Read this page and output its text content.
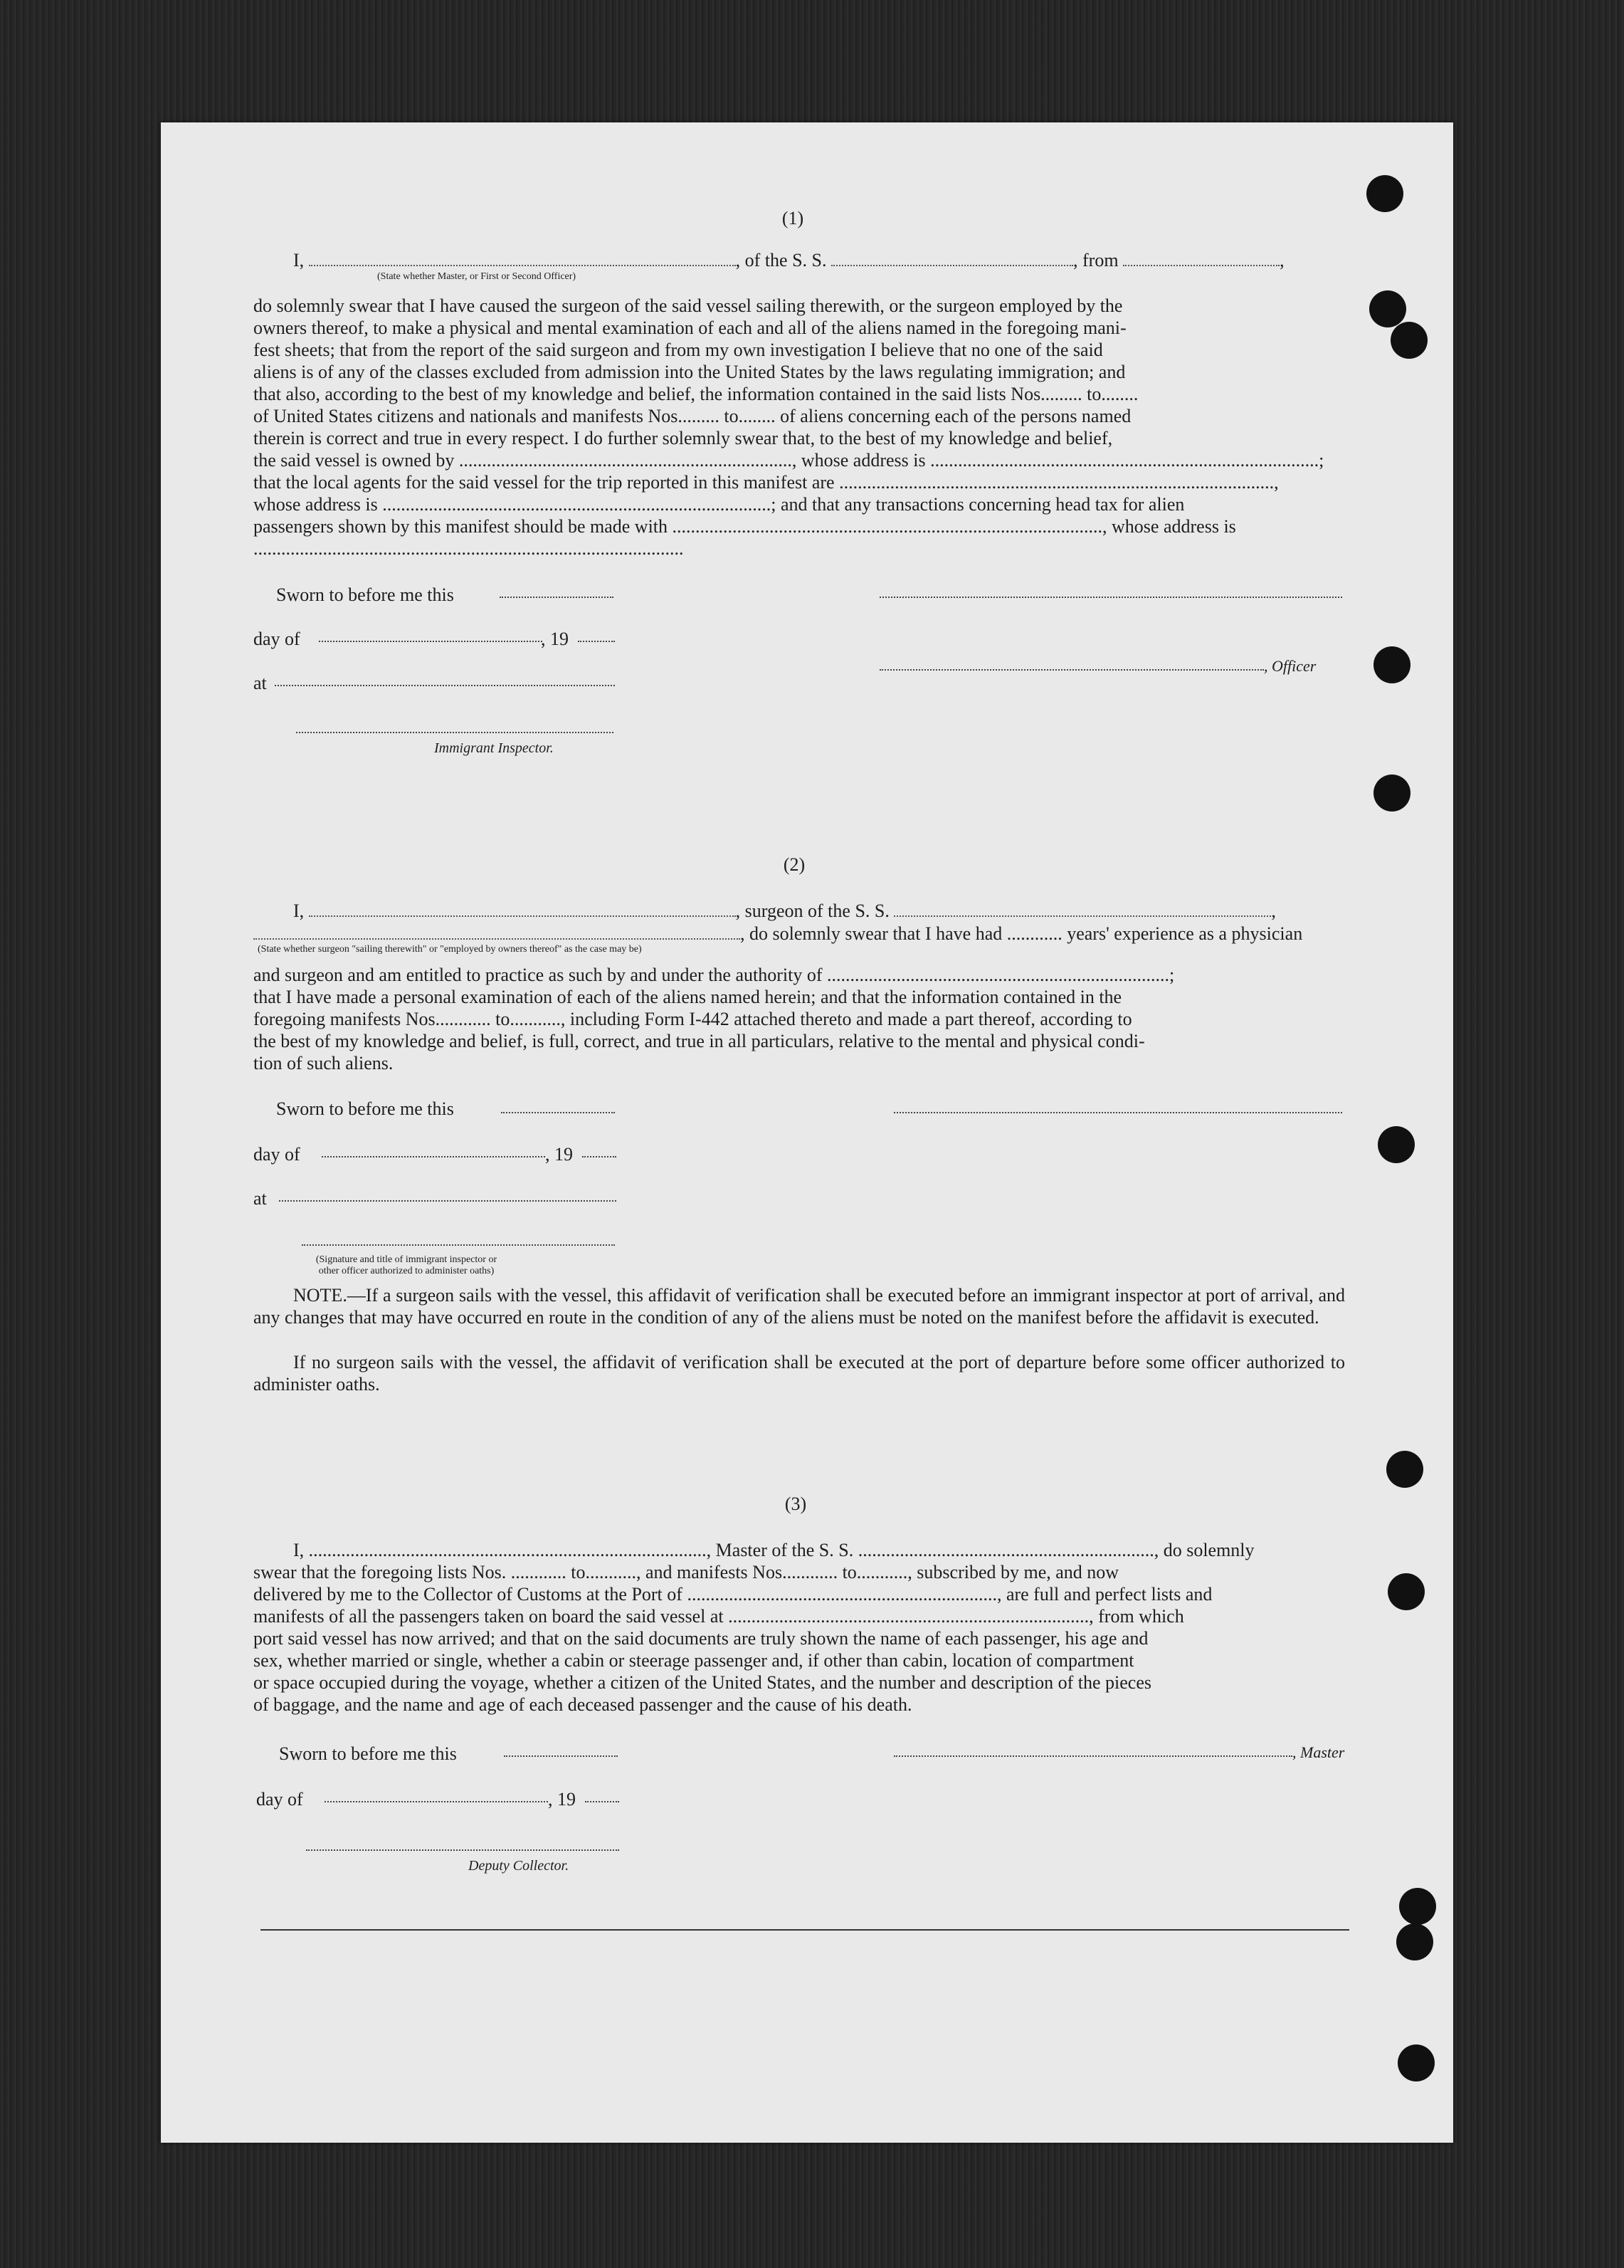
(1)
I,	, of the S. S.	, from	,
(State whether Master, or First or Second Officer)

do solemnly swear that I have caused the surgeon of the said vessel sailing therewith, or the surgeon employed by the

owners thereof, to make a physical and mental examination of each and all of the aliens named in the foregoing mani-

fest sheets; that from the report of the said surgeon and from my own investigation I believe that no one of the said

aliens is of any of the classes excluded from admission into the United States by the laws regulating immigration; and

that also, according to the best of my knowledge and belief, the information contained in the said lists Nos......... to........

of United States citizens and nationals and manifests Nos......... to........ of aliens concerning each of the persons named

therein is correct and true in every respect. I do further solemnly swear that, to the best of my knowledge and belief,

the said vessel is owned by ........................................................................, whose address is ....................................................................................;

that the local agents for the said vessel for the trip reported in this manifest are ..............................................................................................,

whose address is ....................................................................................; and that any transactions concerning head tax for alien

passengers shown by this manifest should be made with ............................................................................................., whose address is

.............................................................................................

Sworn to before me this
day of	, 19
at
, Officer
Immigrant Inspector.
(2)
I,	, surgeon of the S. S.	,
, do solemnly swear that I have had ............ years' experience as a physician
(State whether surgeon "sailing therewith" or "employed by owners thereof" as the case may be)

and surgeon and am entitled to practice as such by and under the authority of ..........................................................................;

that I have made a personal examination of each of the aliens named herein; and that the information contained in the

foregoing manifests Nos............ to..........., including Form I-442 attached thereto and made a part thereof, according to

the best of my knowledge and belief, is full, correct, and true in all particulars, relative to the mental and physical condi-

tion of such aliens.

Sworn to before me this
day of	, 19
at
(Signature and title of immigrant inspector or other officer authorized to administer oaths)
NOTE.—If a surgeon sails with the vessel, this affidavit of verification shall be executed before an immigrant inspector at port of arrival, and any changes that may have occurred en route in the condition of any of the aliens must be noted on the manifest before the affidavit is executed.
If no surgeon sails with the vessel, the affidavit of verification shall be executed at the port of departure before some officer authorized to administer oaths.
(3)

I, ......................................................................................, Master of the S. S. ................................................................, do solemnly

swear that the foregoing lists Nos. ............ to..........., and manifests Nos............ to..........., subscribed by me, and now

delivered by me to the Collector of Customs at the Port of ..................................................................., are full and perfect lists and

manifests of all the passengers taken on board the said vessel at .............................................................................., from which

port said vessel has now arrived; and that on the said documents are truly shown the name of each passenger, his age and

sex, whether married or single, whether a cabin or steerage passenger and, if other than cabin, location of compartment

or space occupied during the voyage, whether a citizen of the United States, and the number and description of the pieces

of baggage, and the name and age of each deceased passenger and the cause of his death.

Sworn to before me this	, Master
day of	, 19
Deputy Collector.
